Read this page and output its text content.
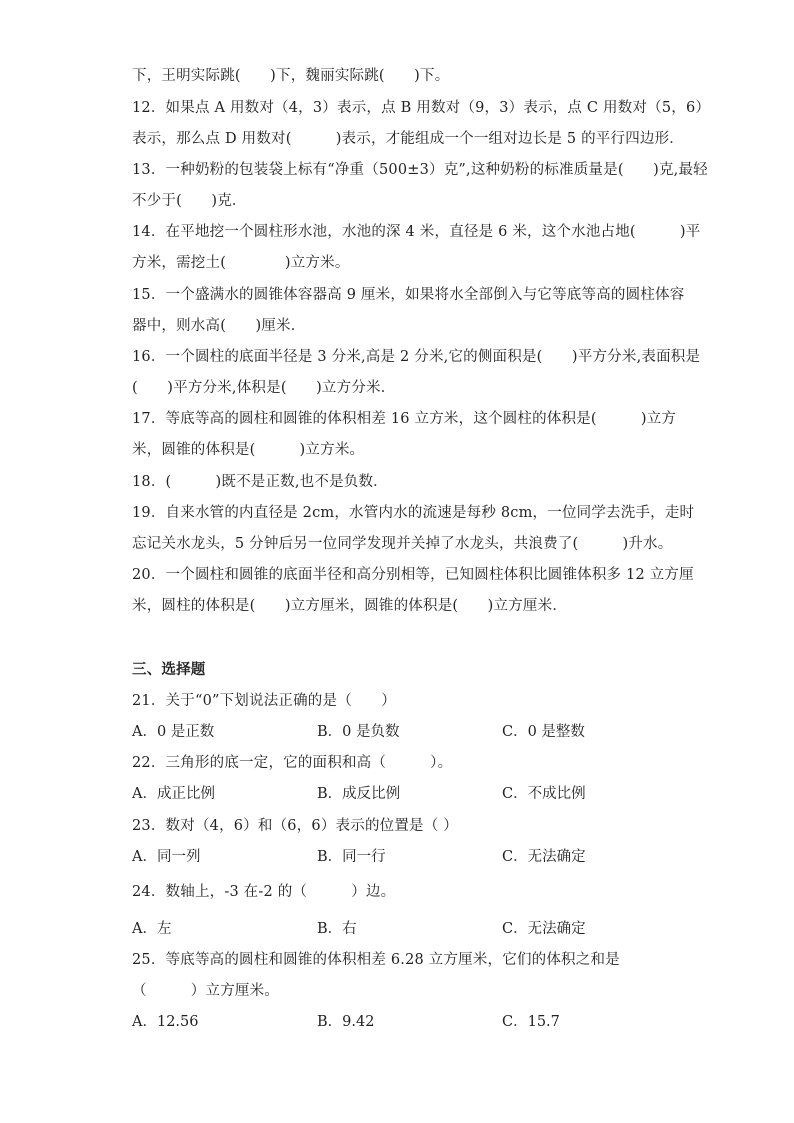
下，王明实际跳(　　)下，魏丽实际跳(　　)下。
12．如果点 A 用数对（4，3）表示，点 B 用数对（9，3）表示，点 C 用数对（5，6）
表示，那么点 D 用数对(　　　)表示，才能组成一个一组对边长是 5 的平行四边形．
13．一种奶粉的包装袋上标有“净重（500±3）克”,这种奶粉的标准质量是(　　)克,最轻
不少于(　　)克．
14．在平地挖一个圆柱形水池，水池的深 4 米，直径是 6 米，这个水池占地(　　　)平
方米，需挖土(　　　　)立方米。
15．一个盛满水的圆锥体容器高 9 厘米，如果将水全部倒入与它等底等高的圆柱体容
器中，则水高(　　)厘米．
16．一个圆柱的底面半径是 3 分米,高是 2 分米,它的侧面积是(　　)平方分米,表面积是
(　　)平方分米,体积是(　　)立方分米．
17．等底等高的圆柱和圆锥的体积相差 16 立方米，这个圆柱的体积是(　　　)立方
米，圆锥的体积是(　　　)立方米。
18．(　　　)既不是正数,也不是负数．
19．自来水管的内直径是 2cm，水管内水的流速是每秒 8cm，一位同学去洗手，走时
忘记关水龙头，5 分钟后另一位同学发现并关掉了水龙头，共浪费了(　　　)升水。
20．一个圆柱和圆锥的底面半径和高分别相等，已知圆柱体积比圆锥体积多 12 立方厘
米，圆柱的体积是(　　)立方厘米，圆锥的体积是(　　)立方厘米．
三、选择题
21．关于“0”下划说法正确的是（　　）
A．0 是正数	B．0 是负数	C．0 是整数
22．三角形的底一定，它的面积和高（　　　）。
A．成正比例	B．成反比例	C．不成比例
23．数对（4，6）和（6，6）表示的位置是（ ）
A．同一列	B．同一行	C．无法确定
24．数轴上，-3 在-2 的（　　　）边。
A．左	B．右	C．无法确定
25．等底等高的圆柱和圆锥的体积相差 6.28 立方厘米，它们的体积之和是
（　　　）立方厘米。
A．12.56	B．9.42	C．15.7
